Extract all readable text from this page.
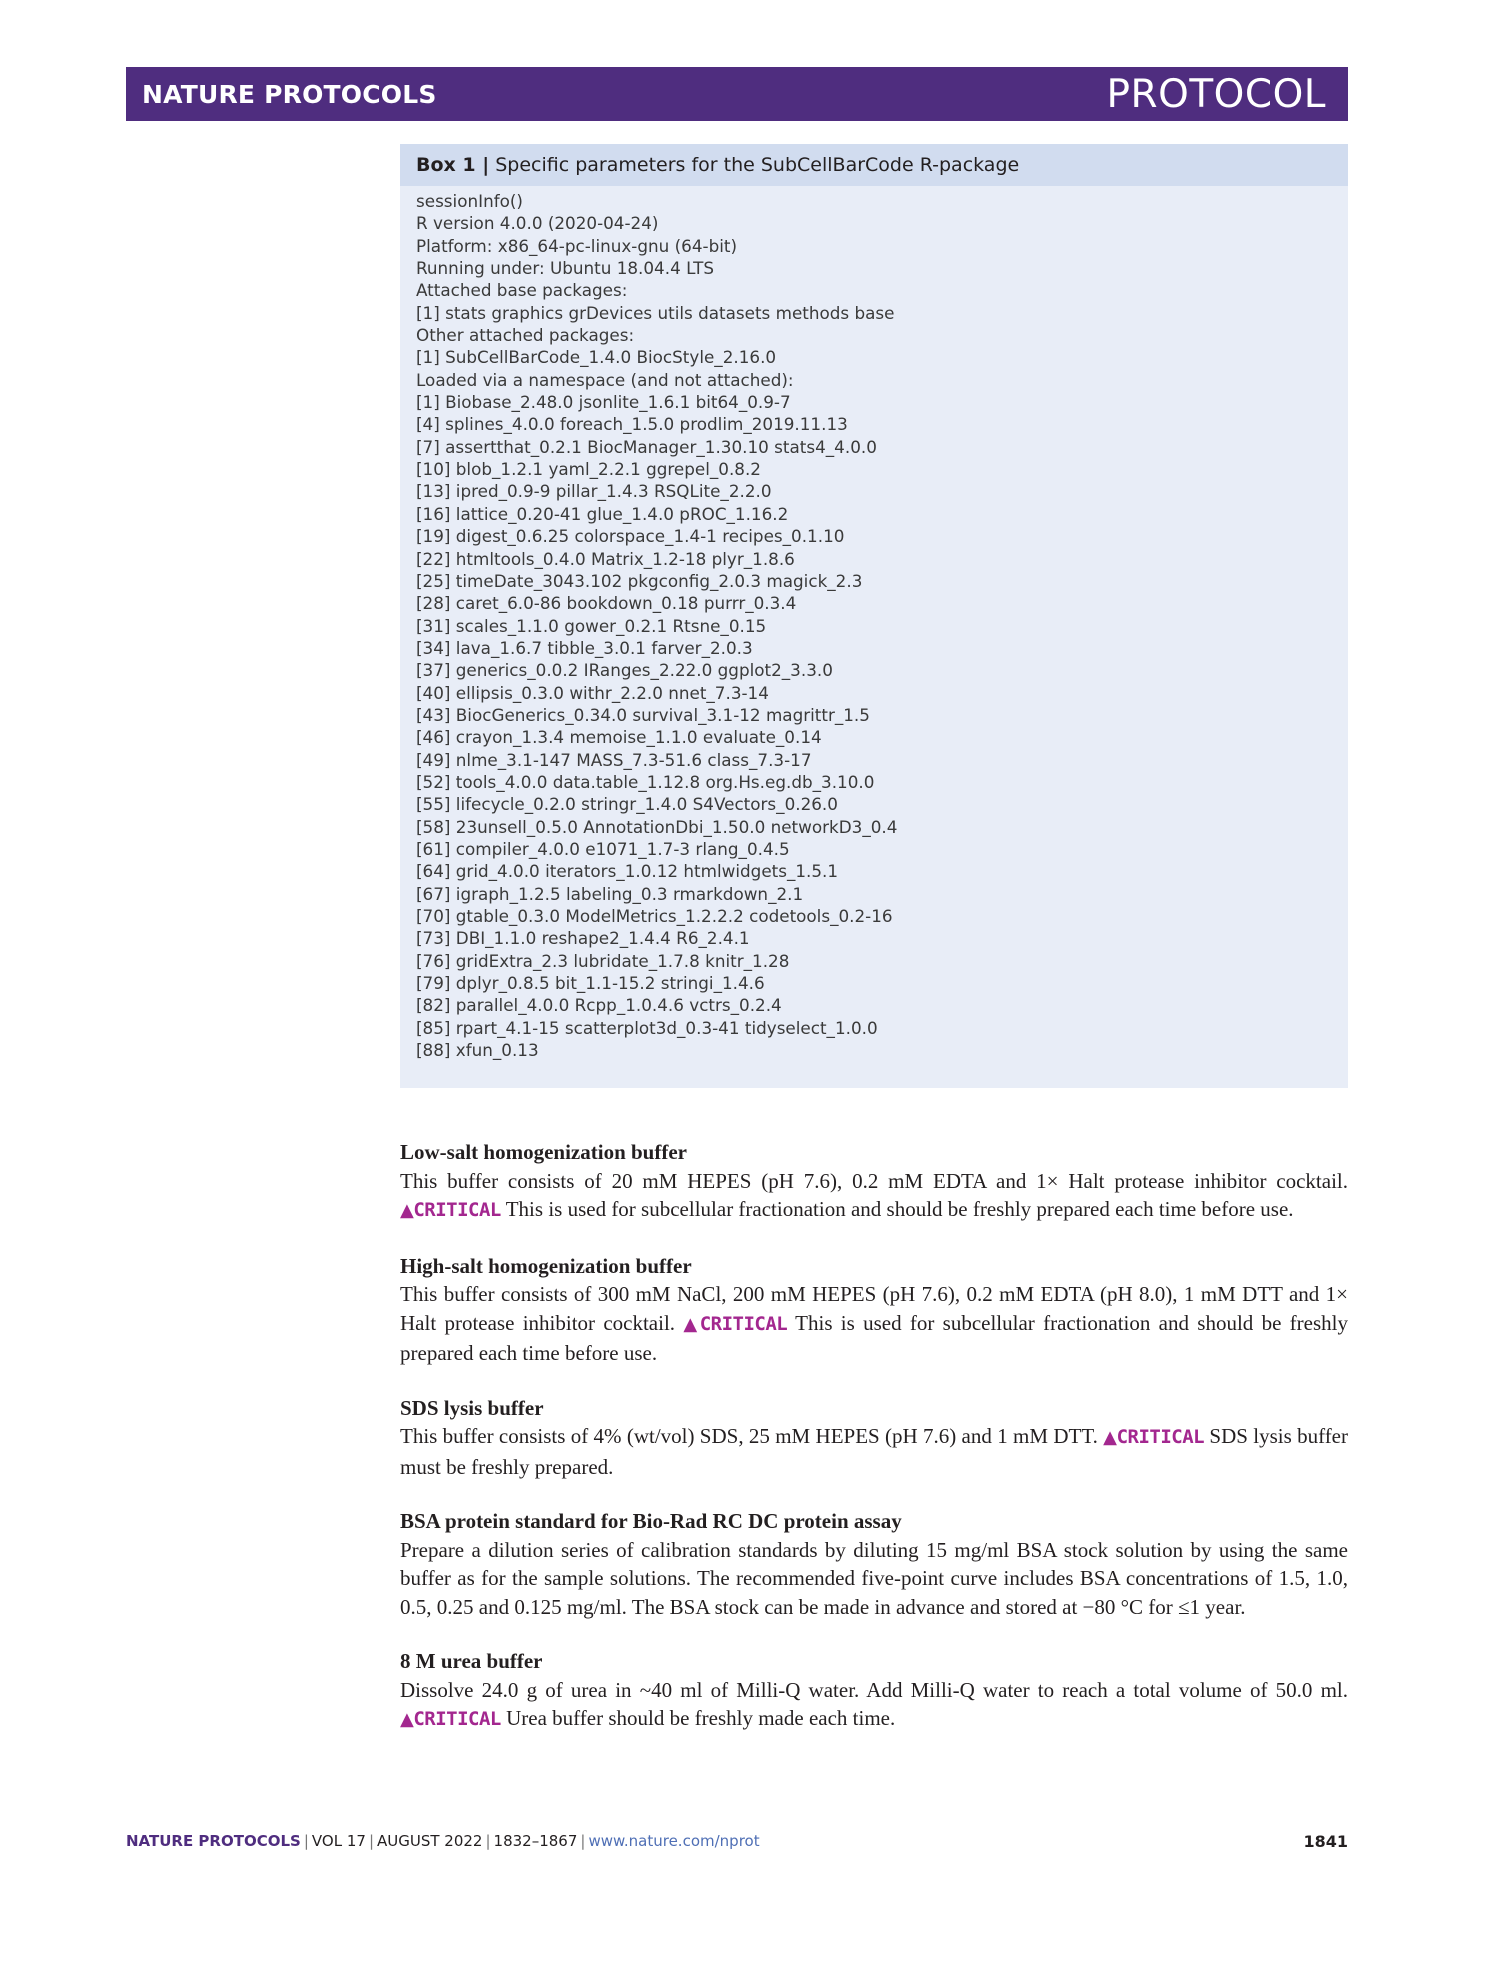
NATURE PROTOCOLS	PROTOCOL
Box 1 | Specific parameters for the SubCellBarCode R-package
sessionInfo()
R version 4.0.0 (2020-04-24)
Platform: x86_64-pc-linux-gnu (64-bit)
Running under: Ubuntu 18.04.4 LTS
Attached base packages:
[1] stats graphics grDevices utils datasets methods base
Other attached packages:
[1] SubCellBarCode_1.4.0 BiocStyle_2.16.0
Loaded via a namespace (and not attached):
[1] Biobase_2.48.0 jsonlite_1.6.1 bit64_0.9-7
[4] splines_4.0.0 foreach_1.5.0 prodlim_2019.11.13
[7] assertthat_0.2.1 BiocManager_1.30.10 stats4_4.0.0
[10] blob_1.2.1 yaml_2.2.1 ggrepel_0.8.2
[13] ipred_0.9-9 pillar_1.4.3 RSQLite_2.2.0
[16] lattice_0.20-41 glue_1.4.0 pROC_1.16.2
[19] digest_0.6.25 colorspace_1.4-1 recipes_0.1.10
[22] htmltools_0.4.0 Matrix_1.2-18 plyr_1.8.6
[25] timeDate_3043.102 pkgconfig_2.0.3 magick_2.3
[28] caret_6.0-86 bookdown_0.18 purrr_0.3.4
[31] scales_1.1.0 gower_0.2.1 Rtsne_0.15
[34] lava_1.6.7 tibble_3.0.1 farver_2.0.3
[37] generics_0.0.2 IRanges_2.22.0 ggplot2_3.3.0
[40] ellipsis_0.3.0 withr_2.2.0 nnet_7.3-14
[43] BiocGenerics_0.34.0 survival_3.1-12 magrittr_1.5
[46] crayon_1.3.4 memoise_1.1.0 evaluate_0.14
[49] nlme_3.1-147 MASS_7.3-51.6 class_7.3-17
[52] tools_4.0.0 data.table_1.12.8 org.Hs.eg.db_3.10.0
[55] lifecycle_0.2.0 stringr_1.4.0 S4Vectors_0.26.0
[58] 23unsell_0.5.0 AnnotationDbi_1.50.0 networkD3_0.4
[61] compiler_4.0.0 e1071_1.7-3 rlang_0.4.5
[64] grid_4.0.0 iterators_1.0.12 htmlwidgets_1.5.1
[67] igraph_1.2.5 labeling_0.3 rmarkdown_2.1
[70] gtable_0.3.0 ModelMetrics_1.2.2.2 codetools_0.2-16
[73] DBI_1.1.0 reshape2_1.4.4 R6_2.4.1
[76] gridExtra_2.3 lubridate_1.7.8 knitr_1.28
[79] dplyr_0.8.5 bit_1.1-15.2 stringi_1.4.6
[82] parallel_4.0.0 Rcpp_1.0.4.6 vctrs_0.2.4
[85] rpart_4.1-15 scatterplot3d_0.3-41 tidyselect_1.0.0
[88] xfun_0.13
Low-salt homogenization buffer
This buffer consists of 20 mM HEPES (pH 7.6), 0.2 mM EDTA and 1× Halt protease inhibitor cocktail. ▲CRITICAL This is used for subcellular fractionation and should be freshly prepared each time before use.
High-salt homogenization buffer
This buffer consists of 300 mM NaCl, 200 mM HEPES (pH 7.6), 0.2 mM EDTA (pH 8.0), 1 mM DTT and 1× Halt protease inhibitor cocktail. ▲CRITICAL This is used for subcellular fractionation and should be freshly prepared each time before use.
SDS lysis buffer
This buffer consists of 4% (wt/vol) SDS, 25 mM HEPES (pH 7.6) and 1 mM DTT. ▲CRITICAL SDS lysis buffer must be freshly prepared.
BSA protein standard for Bio-Rad RC DC protein assay
Prepare a dilution series of calibration standards by diluting 15 mg/ml BSA stock solution by using the same buffer as for the sample solutions. The recommended five-point curve includes BSA concentrations of 1.5, 1.0, 0.5, 0.25 and 0.125 mg/ml. The BSA stock can be made in advance and stored at −80 °C for ≤1 year.
8 M urea buffer
Dissolve 24.0 g of urea in ~40 ml of Milli-Q water. Add Milli-Q water to reach a total volume of 50.0 ml. ▲CRITICAL Urea buffer should be freshly made each time.
NATURE PROTOCOLS | VOL 17 | AUGUST 2022 | 1832–1867 | www.nature.com/nprot	1841
